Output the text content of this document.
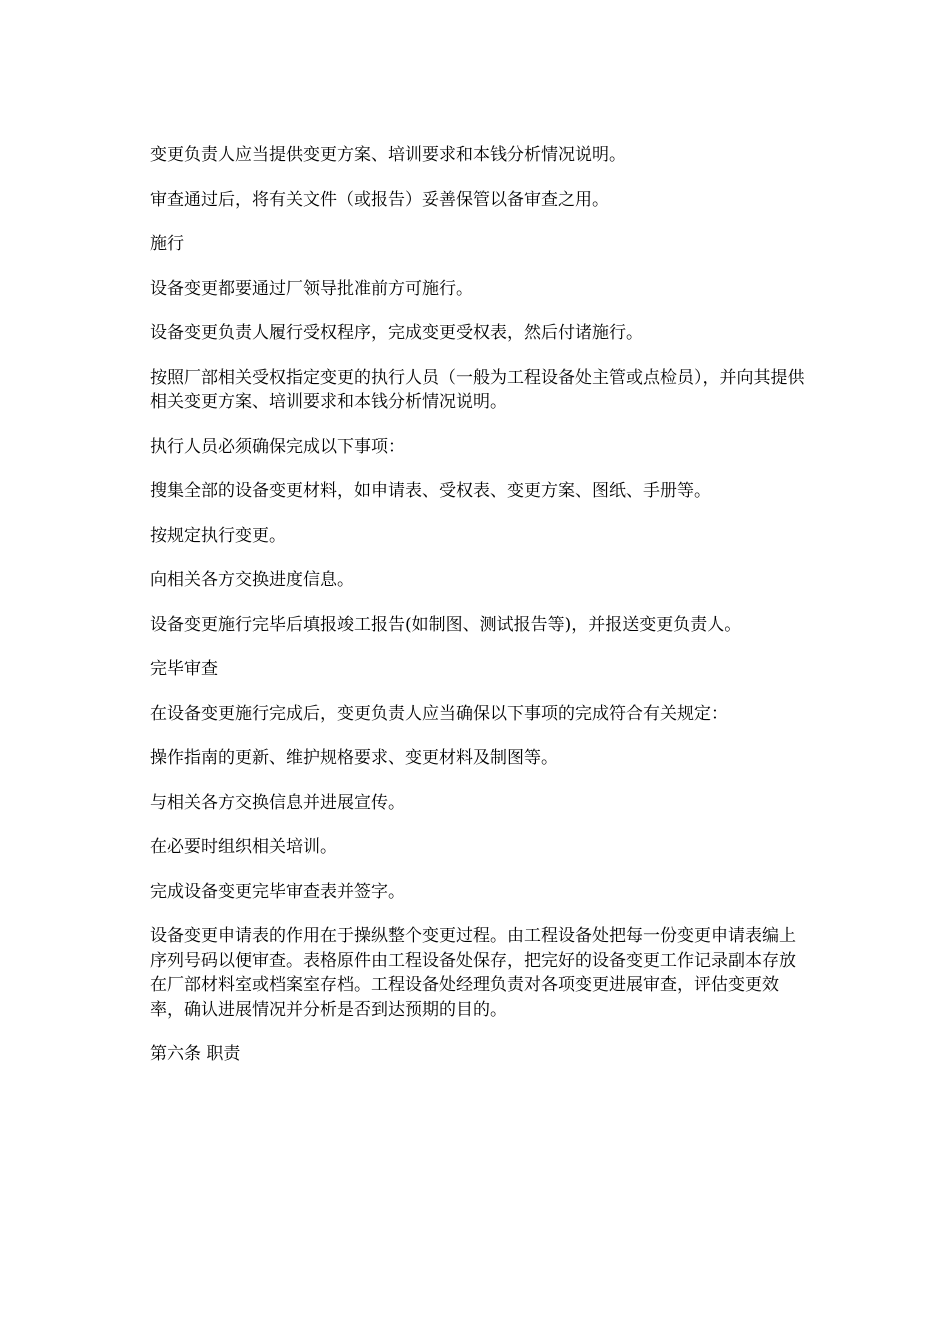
变更负责人应当提供变更方案、培训要求和本钱分析情况说明。

审查通过后，将有关文件（或报告）妥善保管以备审查之用。

施行

设备变更都要通过厂领导批准前方可施行。

设备变更负责人履行受权程序，完成变更受权表，然后付诸施行。

按照厂部相关受权指定变更的执行人员（一般为工程设备处主管或点检员），并向其提供相关变更方案、培训要求和本钱分析情况说明。

执行人员必须确保完成以下事项：

搜集全部的设备变更材料，如申请表、受权表、变更方案、图纸、手册等。

按规定执行变更。

向相关各方交换进度信息。

设备变更施行完毕后填报竣工报告(如制图、测试报告等)，并报送变更负责人。

完毕审查

在设备变更施行完成后，变更负责人应当确保以下事项的完成符合有关规定：

操作指南的更新、维护规格要求、变更材料及制图等。

与相关各方交换信息并进展宣传。

在必要时组织相关培训。

完成设备变更完毕审查表并签字。

设备变更申请表的作用在于操纵整个变更过程。由工程设备处把每一份变更申请表编上序列号码以便审查。表格原件由工程设备处保存，把完好的设备变更工作记录副本存放在厂部材料室或档案室存档。工程设备处经理负责对各项变更进展审查，评估变更效率，确认进展情况并分析是否到达预期的目的。

第六条 职责
